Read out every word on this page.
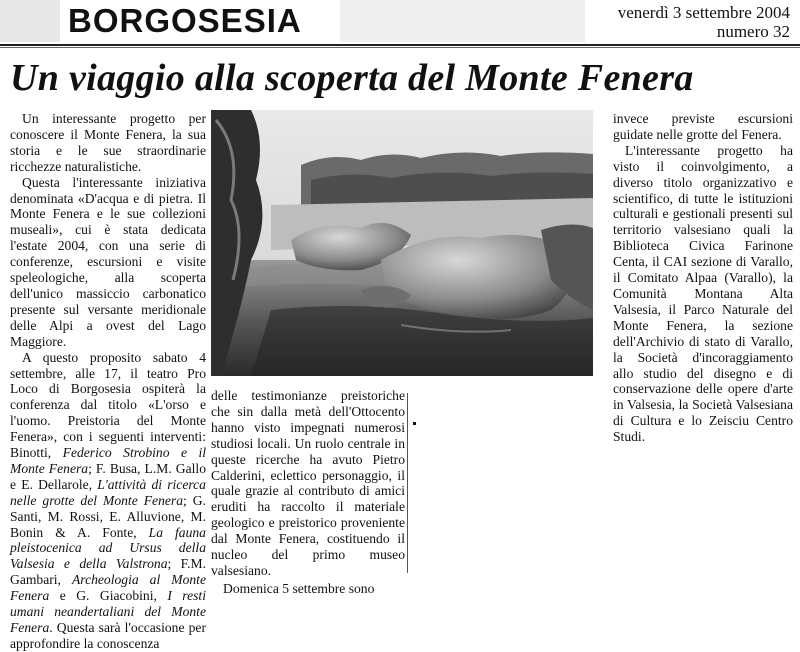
BORGOSESIA	venerdì 3 settembre 2004
numero 32
Un viaggio alla scoperta del Monte Fenera

Un interessante progetto per conoscere il Monte Fenera, la sua storia e le sue straordinarie ricchezze naturalistiche.

Questa l'interessante iniziativa denominata «D'acqua e di pietra. Il Monte Fenera e le sue collezioni museali», cui è stata dedicata l'estate 2004, con una serie di conferenze, escursioni e visite speleologiche, alla scoperta dell'unico massiccio carbonatico presente sul versante meridionale delle Alpi a ovest del Lago Maggiore.

A questo proposito sabato 4 settembre, alle 17, il teatro Pro Loco di Borgosesia ospiterà la conferenza dal titolo «L'orso e l'uomo. Preistoria del Monte Fenera», con i seguenti interventi: Binotti, Federico Strobino e il Monte Fenera; F. Busa, L.M. Gallo e E. Dellarole, L'attività di ricerca nelle grotte del Monte Fenera; G. Santi, M. Rossi, E. Alluvione, M. Bonin & A. Fonte, La fauna pleistocenica ad Ursus della Valsesia e della Valstrona; F.M. Gambari, Archeologia al Monte Fenera e G. Giacobini, I resti umani neandertaliani del Monte Fenera. Questa sarà l'occasione per approfondire la conoscenza

delle testimonianze preistoriche che sin dalla metà dell'Ottocento hanno visto impegnati numerosi studiosi locali. Un ruolo centrale in queste ricerche ha avuto Pietro Calderini, eclettico personaggio, il quale grazie al contributo di amici eruditi ha raccolto il materiale geologico e preistorico proveniente dal Monte Fenera, costituendo il nucleo del primo museo valsesiano.

Domenica 5 settembre sono

invece previste escursioni guidate nelle grotte del Fenera.

L'interessante progetto ha visto il coinvolgimento, a diverso titolo organizzativo e scientifico, di tutte le istituzioni culturali e gestionali presenti sul territorio valsesiano quali la Biblioteca Civica Farinone Centa, il CAI sezione di Varallo, il Comitato Alpaa (Varallo), la Comunità Montana Alta Valsesia, il Parco Naturale del Monte Fenera, la sezione dell'Archivio di stato di Varallo, la Società d'incoraggiamento allo studio del disegno e di conservazione delle opere d'arte in Valsesia, la Società Valsesiana di Cultura e lo Zeisciu Centro Studi.
